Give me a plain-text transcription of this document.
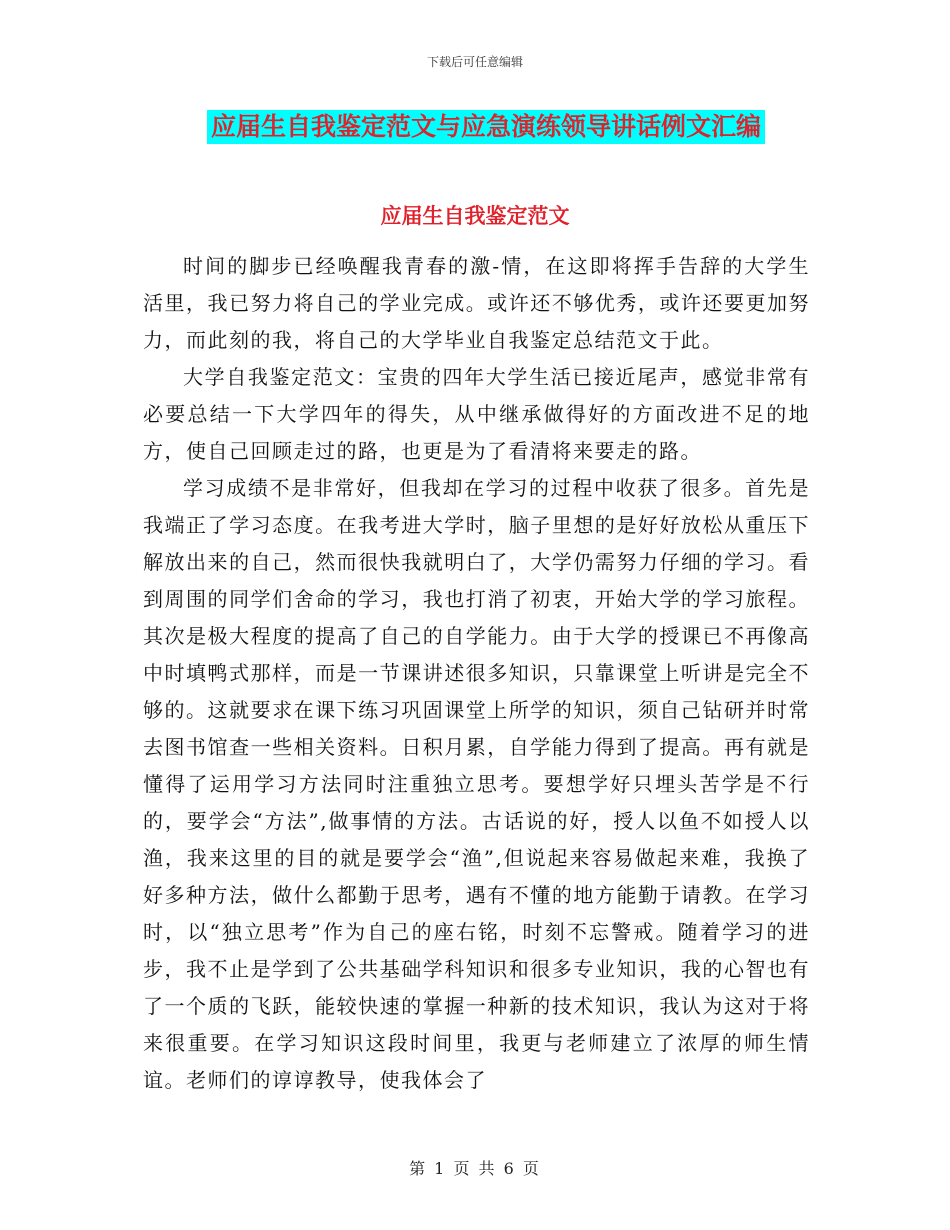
下载后可任意编辑
应届生自我鉴定范文与应急演练领导讲话例文汇编
应届生自我鉴定范文

时间的脚步已经唤醒我青春的激-情，在这即将挥手告辞的大学生活里，我已努力将自己的学业完成。或许还不够优秀，或许还要更加努力，而此刻的我，将自己的大学毕业自我鉴定总结范文于此。

大学自我鉴定范文：宝贵的四年大学生活已接近尾声，感觉非常有必要总结一下大学四年的得失，从中继承做得好的方面改进不足的地方，使自己回顾走过的路，也更是为了看清将来要走的路。

学习成绩不是非常好，但我却在学习的过程中收获了很多。首先是我端正了学习态度。在我考进大学时，脑子里想的是好好放松从重压下解放出来的自己，然而很快我就明白了，大学仍需努力仔细的学习。看到周围的同学们舍命的学习，我也打消了初衷，开始大学的学习旅程。其次是极大程度的提高了自己的自学能力。由于大学的授课已不再像高中时填鸭式那样，而是一节课讲述很多知识，只靠课堂上听讲是完全不够的。这就要求在课下练习巩固课堂上所学的知识，须自己钻研并时常去图书馆查一些相关资料。日积月累，自学能力得到了提高。再有就是懂得了运用学习方法同时注重独立思考。要想学好只埋头苦学是不行的，要学会“方法”,做事情的方法。古话说的好，授人以鱼不如授人以渔，我来这里的目的就是要学会“渔”,但说起来容易做起来难，我换了好多种方法，做什么都勤于思考，遇有不懂的地方能勤于请教。在学习时，以“独立思考”作为自己的座右铭，时刻不忘警戒。随着学习的进步，我不止是学到了公共基础学科知识和很多专业知识，我的心智也有了一个质的飞跃，能较快速的掌握一种新的技术知识，我认为这对于将来很重要。在学习知识这段时间里，我更与老师建立了浓厚的师生情谊。老师们的谆谆教导，使我体会了

第 1 页 共 6 页
